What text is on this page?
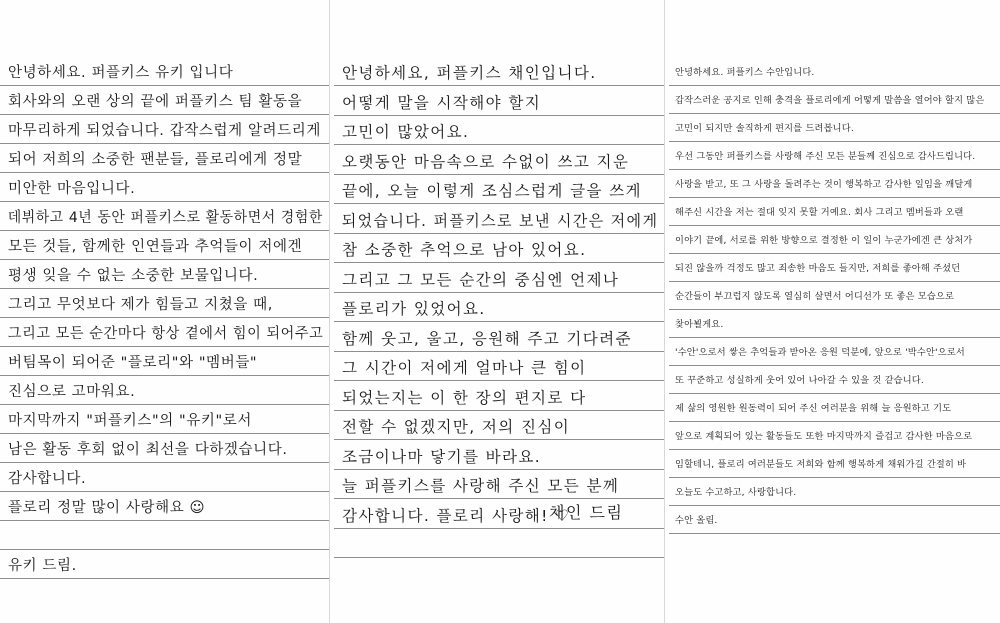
안녕하세요. 퍼플키스 유키 입니다
회사와의 오랜 상의 끝에 퍼플키스 팀 활동을
마무리하게 되었습니다. 갑작스럽게 알려드리게
되어 저희의 소중한 팬분들, 플로리에게 정말
미안한 마음입니다.
데뷔하고 4년 동안 퍼플키스로 활동하면서 경험한
모든 것들, 함께한 인연들과 추억들이 저에겐
평생 잊을 수 없는 소중한 보물입니다.
그리고 무엇보다 제가 힘들고 지쳤을 때,
그리고 모든 순간마다 항상 곁에서 힘이 되어주고
버팀목이 되어준 "플로리"와 "멤버들"
진심으로 고마워요.
마지막까지 "퍼플키스"의 "유키"로서
남은 활동 후회 없이 최선을 다하겠습니다.
감사합니다.
플로리 정말 많이 사랑해요 ☺
유키 드림.
안녕하세요, 퍼플키스 채인입니다.
어떻게 말을 시작해야 할지
고민이 많았어요.
오랫동안 마음속으로 수없이 쓰고 지운
끝에, 오늘 이렇게 조심스럽게 글을 쓰게
되었습니다. 퍼플키스로 보낸 시간은 저에게
참 소중한 추억으로 남아 있어요.
그리고 그 모든 순간의 중심엔 언제나
플로리가 있었어요.
함께 웃고, 울고, 응원해 주고 기다려준
그 시간이 저에게 얼마나 큰 힘이
되었는지는 이 한 장의 편지로 다
전할 수 없겠지만, 저의 진심이
조금이나마 닿기를 바라요.
늘 퍼플키스를 사랑해 주신 모든 분께
감사합니다. 플로리 사랑해! ♡
채인 드림
안녕하세요. 퍼플키스 수안입니다.
갑작스러운 공지로 인해 충격을 플로리에게 어떻게 말씀을 열어야 할지 많은
고민이 되지만 솔직하게 편지를 드려봅니다.
우선 그동안 퍼플키스를 사랑해 주신 모든 분들께 진심으로 감사드립니다.
사랑을 받고, 또 그 사랑을 돌려주는 것이 행복하고 감사한 일임을 깨달게
해주신 시간을 저는 절대 잊지 못할 거예요. 회사 그리고 멤버들과 오랜
이야기 끝에, 서로를 위한 방향으로 결정한 이 일이 누군가에겐 큰 상처가
되진 않을까 걱정도 많고 죄송한 마음도 들지만, 저희를 좋아해 주셨던
순간들이 부끄럽지 않도록 열심히 살면서 어디선가 또 좋은 모습으로
찾아뵐게요.
'수안'으로서 쌓은 추억들과 받아온 응원 덕분에, 앞으로 '박수안'으로서
또 꾸준하고 성실하게 웃어 있어 나아갈 수 있을 것 같습니다.
제 삶의 영원한 원동력이 되어 주신 여러분을 위해 늘 응원하고 기도
앞으로 계획되어 있는 활동들도 또한 마지막까지 즐겁고 감사한 마음으로
임할테니, 플로리 여러분들도 저희와 함께 행복하게 채워가길 간절히 바
오늘도 수고하고, 사랑합니다.
수안 올림.
